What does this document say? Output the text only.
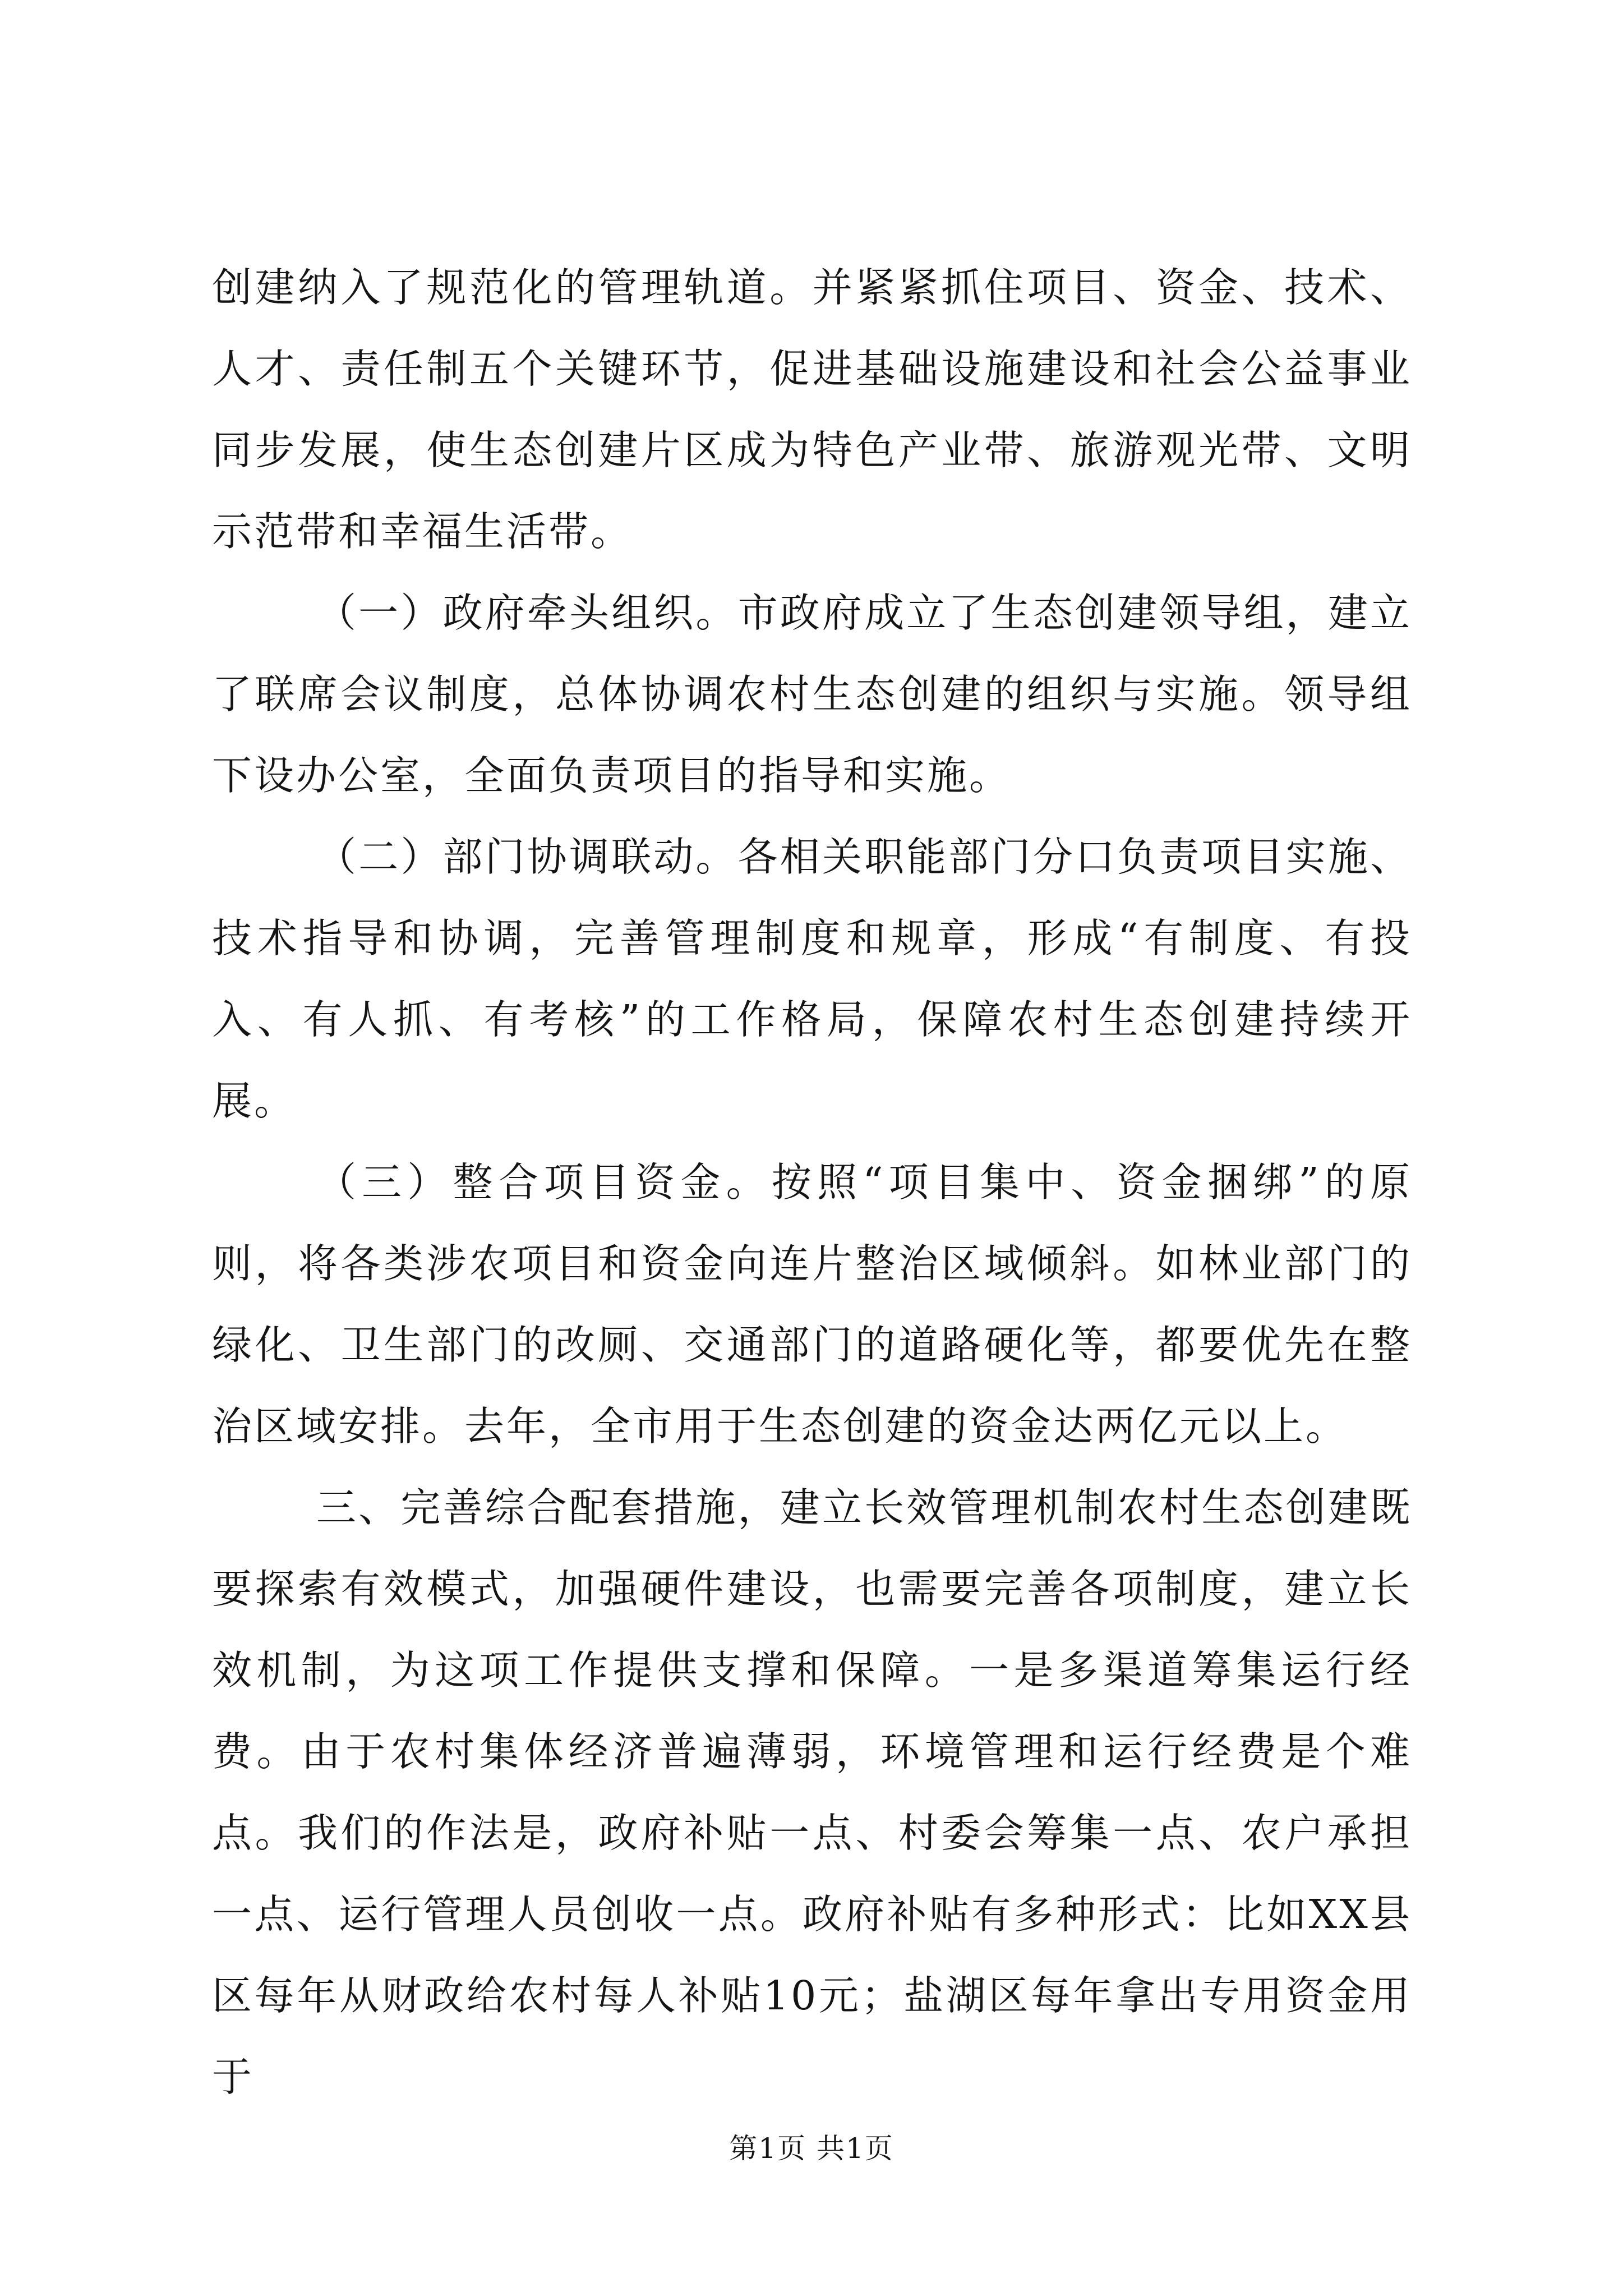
创建纳入了规范化的管理轨道。并紧紧抓住项目、资金、技术、人才、责任制五个关键环节，促进基础设施建设和社会公益事业同步发展，使生态创建片区成为特色产业带、旅游观光带、文明示范带和幸福生活带。

（一）政府牵头组织。市政府成立了生态创建领导组，建立了联席会议制度，总体协调农村生态创建的组织与实施。领导组下设办公室，全面负责项目的指导和实施。

（二）部门协调联动。各相关职能部门分口负责项目实施、技术指导和协调，完善管理制度和规章，形成“有制度、有投入、有人抓、有考核”的工作格局，保障农村生态创建持续开展。

（三）整合项目资金。按照“项目集中、资金捆绑”的原则，将各类涉农项目和资金向连片整治区域倾斜。如林业部门的绿化、卫生部门的改厕、交通部门的道路硬化等，都要优先在整治区域安排。去年，全市用于生态创建的资金达两亿元以上。

三、完善综合配套措施，建立长效管理机制农村生态创建既要探索有效模式，加强硬件建设，也需要完善各项制度，建立长效机制，为这项工作提供支撑和保障。一是多渠道筹集运行经费。由于农村集体经济普遍薄弱，环境管理和运行经费是个难点。我们的作法是，政府补贴一点、村委会筹集一点、农户承担一点、运行管理人员创收一点。政府补贴有多种形式：比如XX县区每年从财政给农村每人补贴10元；盐湖区每年拿出专用资金用于

第1页 共1页
